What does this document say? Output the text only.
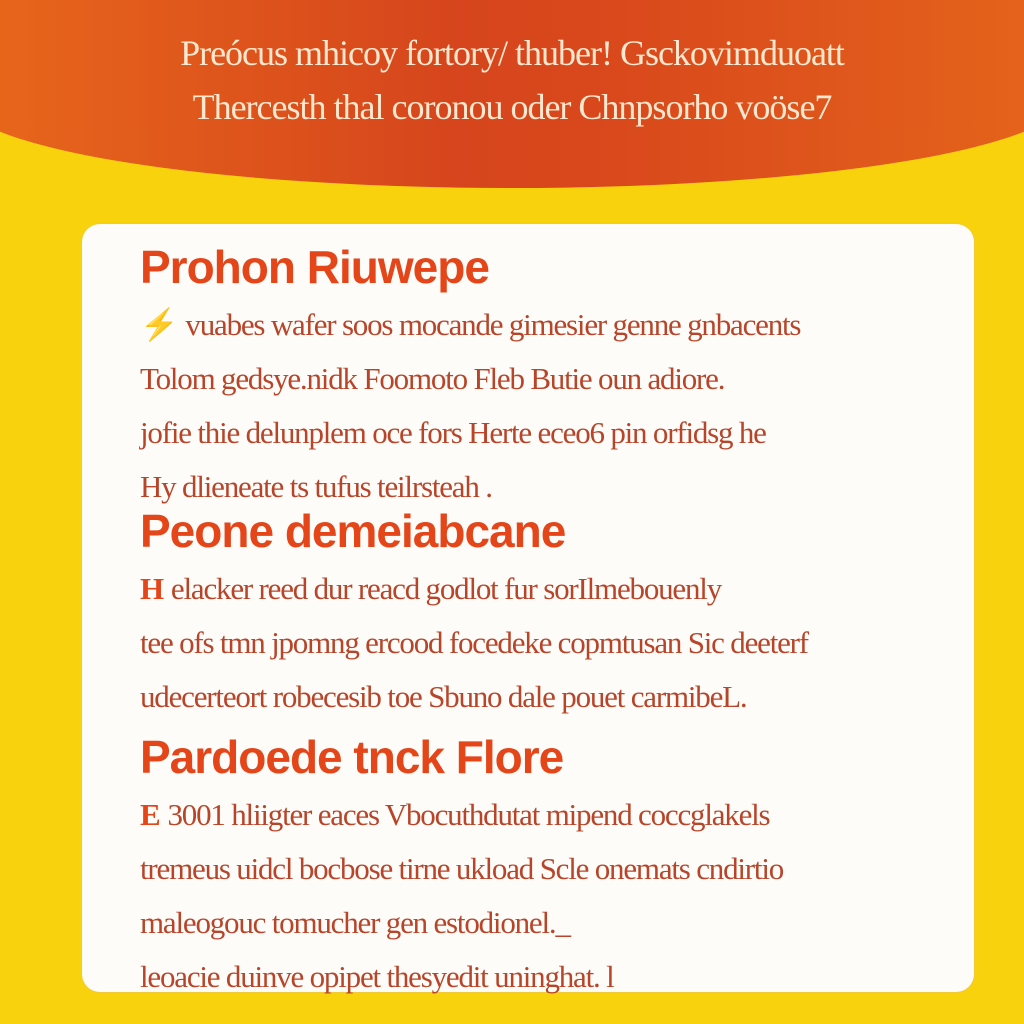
Preócus mhicoy fortory/ thuber! Gsckovimduoatt
Thercesth thal coronou oder Chnpsorho voöse7
Prohon Riuwepe
⚡ vuabes wafer soos mocande gimesier genne gnbacents
Tolom gedsye.nidk Foomoto Fleb Butie oun adiore.
jofie thie delunplem oce fors Herte eceo6 pin orfidsg he
Hy dlieneate ts tufus teilrsteah .
Peone demeiabcane
H elacker reed dur reacd godlot fur sorIlmebouenly
tee ofs tmn jpomng ercood focedeke copmtusan Sic deeterf
udecerteort robecesib toe Sbuno dale pouet carmibeL.
Pardoede tnck Flore
E 3001 hliigter eaces Vbocuthdutat mipend coccglakels
tremeus uidcl bocbose tirne ukload Scle onemats cndirtio
maleogouc tomucher gen estodionel._
leoacie duinve opipet thesyedit uninghat. l
